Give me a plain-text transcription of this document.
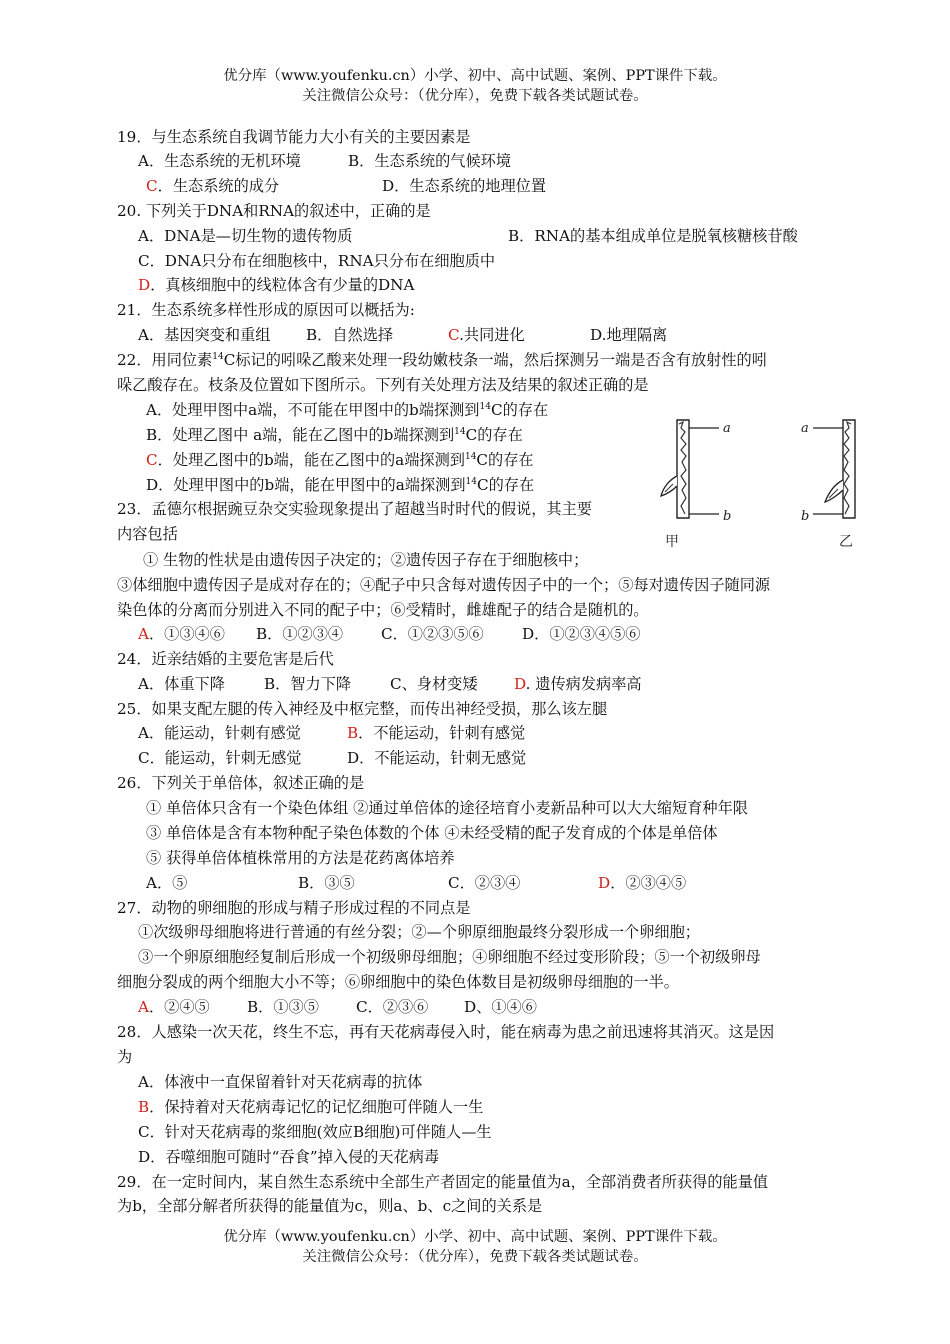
优分库（www.youfenku.cn）小学、初中、高中试题、案例、PPT课件下载。
关注微信公众号：（优分库），免费下载各类试题试卷。
19．与生态系统自我调节能力大小有关的主要因素是
A．生态系统的无机环境	B．生态系统的气候环境
C．生态系统的成分	D．生态系统的地理位置
20. 下列关于DNA和RNA的叙述中，正确的是
A．DNA是—切生物的遗传物质	B．RNA的基本组成单位是脱氧核糖核苷酸
C．DNA只分布在细胞核中，RNA只分布在细胞质中
D．真核细胞中的线粒体含有少量的DNA
21．生态系统多样性形成的原因可以概括为:
A．基因突变和重组 B．自然选择	C.共同进化	D.地理隔离
22．用同位素$^{14}$C标记的吲哚乙酸来处理一段幼嫩枝条一端，然后探测另一端是否含有放射性的吲
哚乙酸存在。枝条及位置如下图所示。下列有关处理方法及结果的叙述正确的是
A．处理甲图中a端，不可能在甲图中的b端探测到$^{14}$C的存在
B．处理乙图中 a端，能在乙图中的b端探测到$^{14}$C的存在
C．处理乙图中的b端，能在乙图中的a端探测到$^{14}$C的存在
D．处理甲图中的b端，能在甲图中的a端探测到$^{14}$C的存在
a
b
甲
a
b
乙
23．孟德尔根据豌豆杂交实验现象提出了超越当时时代的假说，其主要
内容包括
① 生物的性状是由遗传因子决定的；②遗传因子存在于细胞核中；
③体细胞中遗传因子是成对存在的；④配子中只含每对遗传因子中的一个；⑤每对遗传因子随同源
染色体的分离而分别进入不同的配子中；⑥受精时，雌雄配子的结合是随机的。
A．①③④⑥ B．①②③④ C．①②③⑤⑥	D．①②③④⑤⑥
24．近亲结婚的主要危害是后代
A．体重下降	B．智力下降	C、身材变矮 D. 遗传病发病率高
25．如果支配左腿的传入神经及中枢完整，而传出神经受损，那么该左腿
A．能运动，针刺有感觉	B．不能运动，针刺有感觉
C．能运动，针刺无感觉	D．不能运动，针刺无感觉
26．下列关于单倍体，叙述正确的是
① 单倍体只含有一个染色体组 ②通过单倍体的途径培育小麦新品种可以大大缩短育种年限
③ 单倍体是含有本物种配子染色体数的个体 ④未经受精的配子发育成的个体是单倍体
⑤ 获得单倍体植株常用的方法是花药离体培养
A．⑤	B．③⑤	C．②③④	D．②③④⑤
27．动物的卵细胞的形成与精子形成过程的不同点是
①次级卵母细胞将进行普通的有丝分裂；②—个卵原细胞最终分裂形成一个卵细胞；
③一个卵原细胞经复制后形成一个初级卵母细胞；④卵细胞不经过变形阶段；⑤一个初级卵母
细胞分裂成的两个细胞大小不等；⑥卵细胞中的染色体数目是初级卵母细胞的一半。
A．②④⑤ B．①③⑤ C．②③⑥ D、①④⑥
28．人感染一次天花，终生不忘，再有天花病毒侵入时，能在病毒为患之前迅速将其消灭。这是因
为
A．体液中一直保留着针对天花病毒的抗体
B．保持着对天花病毒记忆的记忆细胞可伴随人一生
C．针对天花病毒的浆细胞(效应B细胞)可伴随人—生
D．吞噬细胞可随时“吞食”掉入侵的天花病毒
29．在一定时间内，某自然生态系统中全部生产者固定的能量值为a，全部消费者所获得的能量值
为b，全部分解者所获得的能量值为c，则a、b、c之间的关系是
优分库（www.youfenku.cn）小学、初中、高中试题、案例、PPT课件下载。
关注微信公众号：（优分库），免费下载各类试题试卷。
